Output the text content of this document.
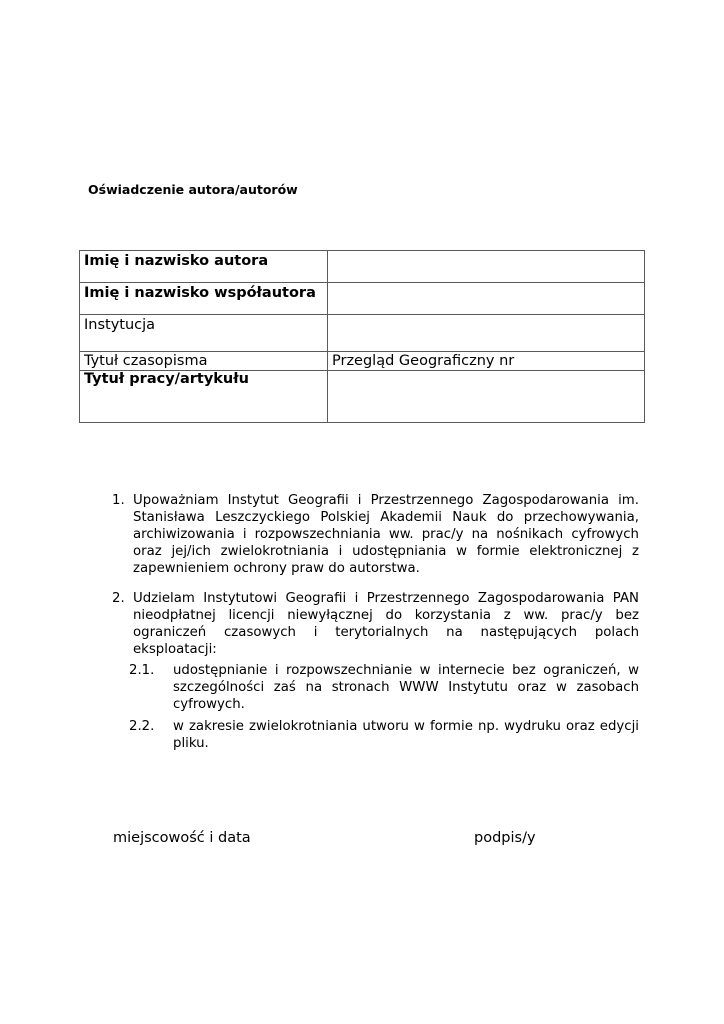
Oświadczenie autora/autorów
Imię i nazwisko autora	
Imię i nazwisko współautora	
Instytucja	
Tytuł czasopisma	Przegląd Geograficzny nr
Tytuł pracy/artykułu	
1. Upoważniam Instytut Geografii i Przestrzennego Zagospodarowania im. Stanisława Leszczyckiego Polskiej Akademii Nauk do przechowywania, archiwizowania i rozpowszechniania ww. prac/y na nośnikach cyfrowych oraz jej/ich zwielokrotniania i udostępniania w formie elektronicznej z zapewnieniem ochrony praw do autorstwa.
2. Udzielam Instytutowi Geografii i Przestrzennego Zagospodarowania PAN nieodpłatnej licencji niewyłącznej do korzystania z ww. prac/y bez ograniczeń czasowych i terytorialnych na następujących polach eksploatacji:
2.1. udostępnianie i rozpowszechnianie w internecie bez ograniczeń, w szczególności zaś na stronach WWW Instytutu oraz w zasobach cyfrowych.
2.2. w zakresie zwielokrotniania utworu w formie np. wydruku oraz edycji pliku.
miejscowość i data	podpis/y
